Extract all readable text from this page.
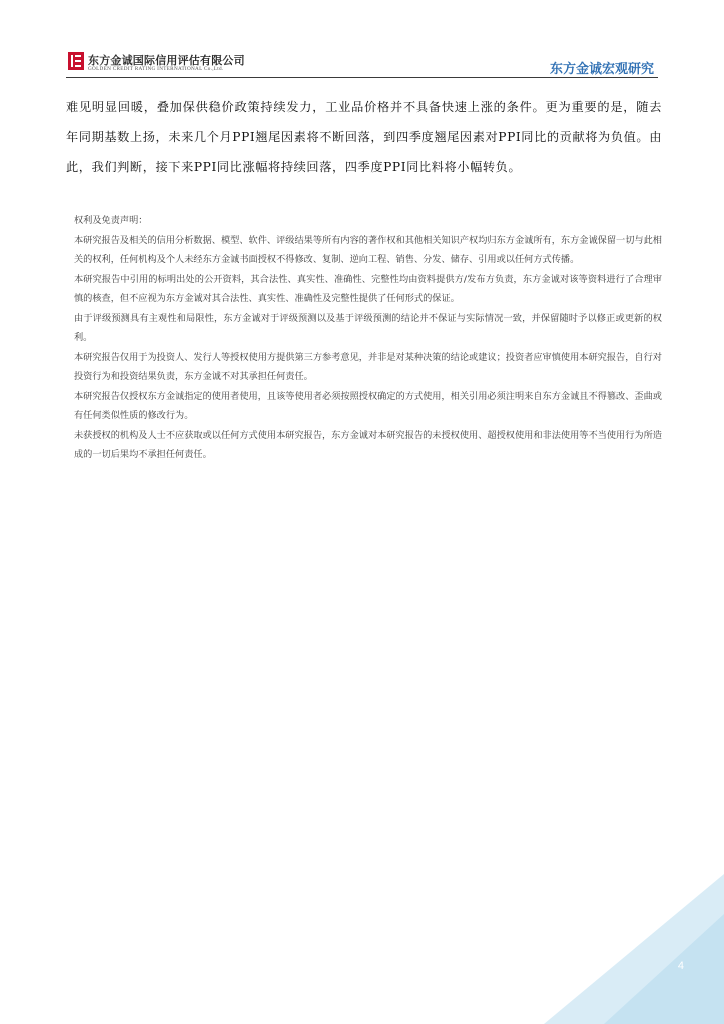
东方金诚国际信用评估有限公司
GOLDEN CREDIT RATING INTERNATIONAL Co.,Ltd.	东方金诚宏观研究
难见明显回暖，叠加保供稳价政策持续发力，工业品价格并不具备快速上涨的条件。更为重要的是，随去年同期基数上扬，未来几个月PPI翘尾因素将不断回落，到四季度翘尾因素对PPI同比的贡献将为负值。由此，我们判断，接下来PPI同比涨幅将持续回落，四季度PPI同比料将小幅转负。

权利及免责声明：

本研究报告及相关的信用分析数据、模型、软件、评级结果等所有内容的著作权和其他相关知识产权均归东方金诚所有，东方金诚保留一切与此相关的权利，任何机构及个人未经东方金诚书面授权不得修改、复制、逆向工程、销售、分发、储存、引用或以任何方式传播。

本研究报告中引用的标明出处的公开资料，其合法性、真实性、准确性、完整性均由资料提供方/发布方负责，东方金诚对该等资料进行了合理审慎的核查，但不应视为东方金诚对其合法性、真实性、准确性及完整性提供了任何形式的保证。

由于评级预测具有主观性和局限性，东方金诚对于评级预测以及基于评级预测的结论并不保证与实际情况一致，并保留随时予以修正或更新的权利。

本研究报告仅用于为投资人、发行人等授权使用方提供第三方参考意见，并非是对某种决策的结论或建议；投资者应审慎使用本研究报告，自行对投资行为和投资结果负责，东方金诚不对其承担任何责任。

本研究报告仅授权东方金诚指定的使用者使用，且该等使用者必须按照授权确定的方式使用，相关引用必须注明来自东方金诚且不得篡改、歪曲或有任何类似性质的修改行为。

未获授权的机构及人士不应获取或以任何方式使用本研究报告，东方金诚对本研究报告的未授权使用、超授权使用和非法使用等不当使用行为所造成的一切后果均不承担任何责任。

4
